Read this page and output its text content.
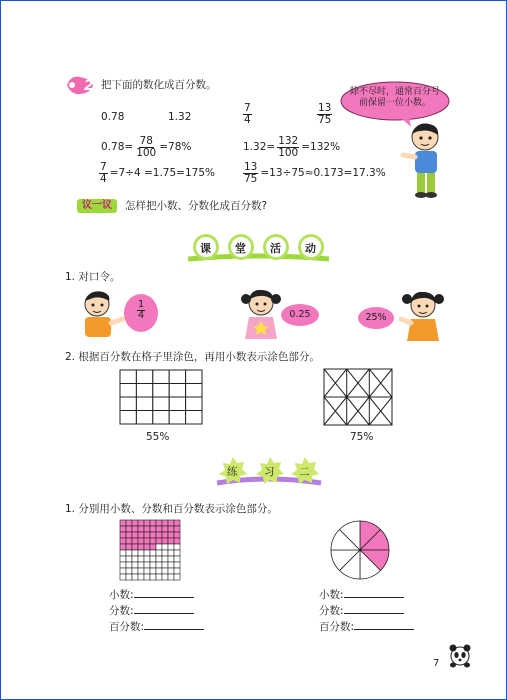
2 把下面的数化成百分数。
0.78	1.32	$\frac{7}{4}$	$\frac{13}{75}$
$0.78= \frac{78}{100} =78\%$	$1.32= \frac{132}{100} =132\%$
$\frac{7}{4} =7\div 4 =1.75=175\%$	$\frac{13}{75} =13\div 75\approx 0.173=17.3\%$
除不尽时，通常百分号前保留一位小数。
议一议	怎样把小数、分数化成百分数?
课 堂 活 动
1. 对口令。
$\frac{1}{4}$	0.25	25%
2. 根据百分数在格子里涂色，再用小数表示涂色部分。
55%	75%
练	习 二
1. 分别用小数、分数和百分数表示涂色部分。
小数:
分数:
百分数:
小数:
分数:
百分数:
7
